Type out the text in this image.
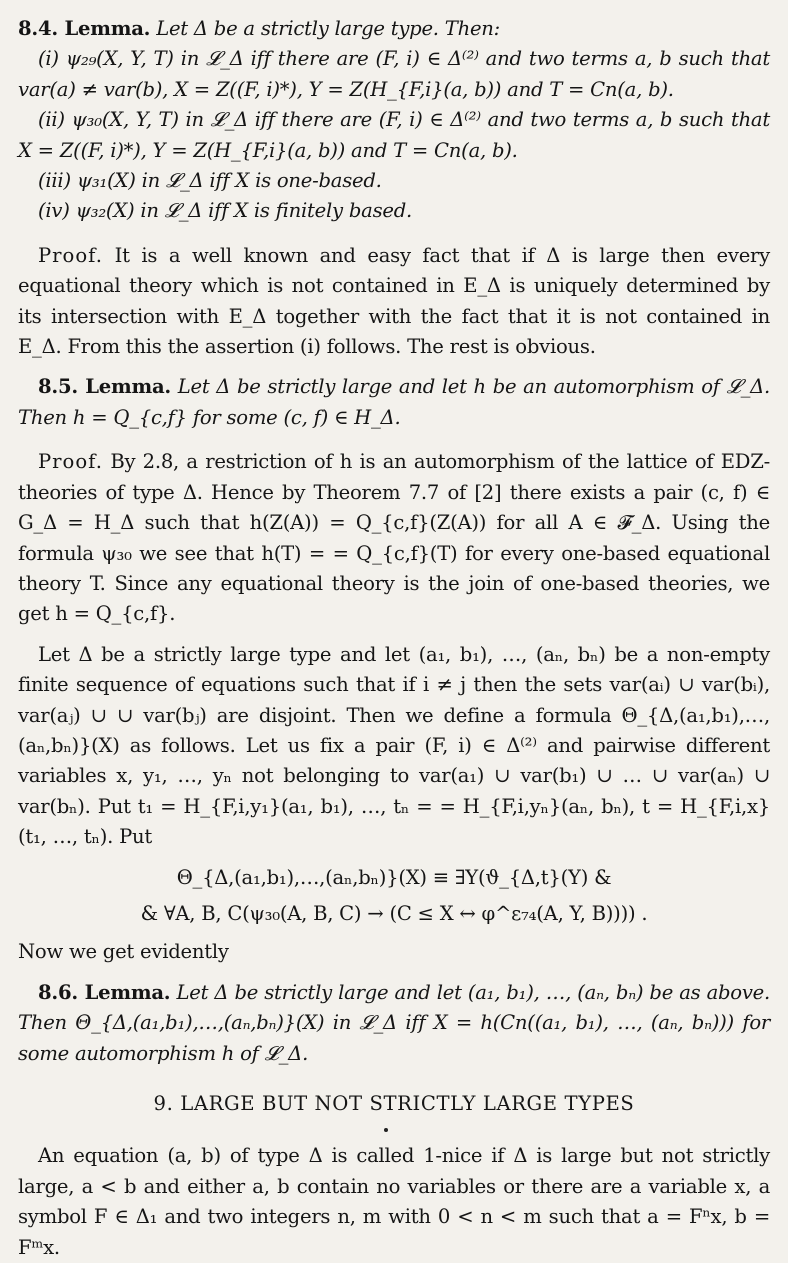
8.4. Lemma. Let Δ be a strictly large type. Then:

(i) ψ₂₉(X, Y, T) in 𝓛_Δ iff there are (F, i) ∈ Δ⁽²⁾ and two terms a, b such that var(a) ≠ var(b), X = Z((F, i)*), Y = Z(H_{F,i}(a, b)) and T = Cn(a, b).

(ii) ψ₃₀(X, Y, T) in 𝓛_Δ iff there are (F, i) ∈ Δ⁽²⁾ and two terms a, b such that X = Z((F, i)*), Y = Z(H_{F,i}(a, b)) and T = Cn(a, b).

(iii) ψ₃₁(X) in 𝓛_Δ iff X is one-based.

(iv) ψ₃₂(X) in 𝓛_Δ iff X is finitely based.

Proof. It is a well known and easy fact that if Δ is large then every equational theory which is not contained in E_Δ is uniquely determined by its intersection with E_Δ together with the fact that it is not contained in E_Δ. From this the assertion (i) follows. The rest is obvious.

8.5. Lemma. Let Δ be strictly large and let h be an automorphism of 𝓛_Δ. Then h = Q_{c,f} for some (c, f) ∈ H_Δ.

Proof. By 2.8, a restriction of h is an automorphism of the lattice of EDZ-theories of type Δ. Hence by Theorem 7.7 of [2] there exists a pair (c, f) ∈ G_Δ = H_Δ such that h(Z(A)) = Q_{c,f}(Z(A)) for all A ∈ 𝓕_Δ. Using the formula ψ₃₀ we see that h(T) = = Q_{c,f}(T) for every one-based equational theory T. Since any equational theory is the join of one-based theories, we get h = Q_{c,f}.

Let Δ be a strictly large type and let (a₁, b₁), …, (aₙ, bₙ) be a non-empty finite sequence of equations such that if i ≠ j then the sets var(aᵢ) ∪ var(bᵢ), var(aⱼ) ∪ ∪ var(bⱼ) are disjoint. Then we define a formula Θ_{Δ,(a₁,b₁),…,(aₙ,bₙ)}(X) as follows. Let us fix a pair (F, i) ∈ Δ⁽²⁾ and pairwise different variables x, y₁, …, yₙ not belonging to var(a₁) ∪ var(b₁) ∪ … ∪ var(aₙ) ∪ var(bₙ). Put t₁ = H_{F,i,y₁}(a₁, b₁), …, tₙ = = H_{F,i,yₙ}(aₙ, bₙ), t = H_{F,i,x}(t₁, …, tₙ). Put

Θ_{Δ,(a₁,b₁),…,(aₙ,bₙ)}(X) ≡ ∃Y(ϑ_{Δ,t}(Y) &

& ∀A, B, C(ψ₃₀(A, B, C) → (C ≤ X ↔ φ^ε₇₄(A, Y, B)))) .

Now we get evidently

8.6. Lemma. Let Δ be strictly large and let (a₁, b₁), …, (aₙ, bₙ) be as above. Then Θ_{Δ,(a₁,b₁),…,(aₙ,bₙ)}(X) in 𝓛_Δ iff X = h(Cn((a₁, b₁), …, (aₙ, bₙ))) for some automorphism h of 𝓛_Δ.

9. LARGE BUT NOT STRICTLY LARGE TYPES

An equation (a, b) of type Δ is called 1-nice if Δ is large but not strictly large, a < b and either a, b contain no variables or there are a variable x, a symbol F ∈ Δ₁ and two integers n, m with 0 < n < m such that a = Fⁿx, b = Fᵐx.
